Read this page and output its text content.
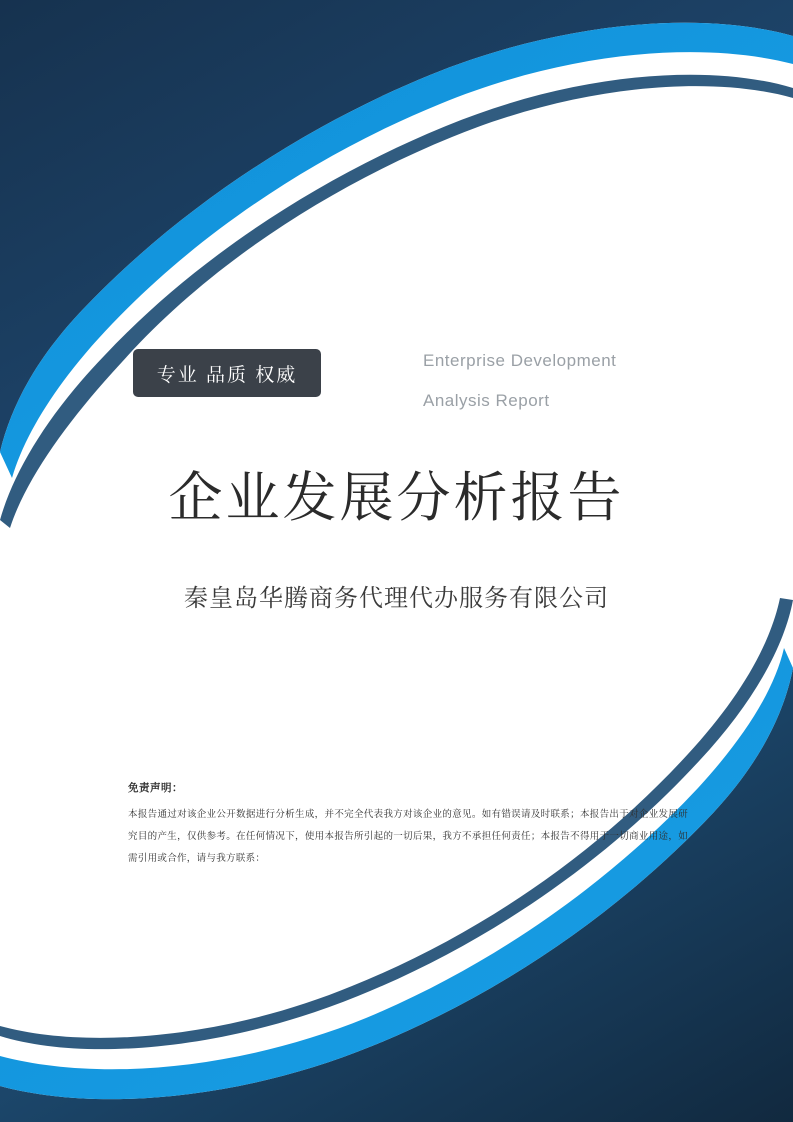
专业 品质 权威
Enterprise Development
Analysis Report
企业发展分析报告
秦皇岛华腾商务代理代办服务有限公司
免责声明：
本报告通过对该企业公开数据进行分析生成，并不完全代表我方对该企业的意见。如有错误请及时联系；本报告出于对企业发展研究目的产生，仅供参考。在任何情况下，使用本报告所引起的一切后果，我方不承担任何责任；本报告不得用于一切商业用途，如需引用或合作，请与我方联系：
